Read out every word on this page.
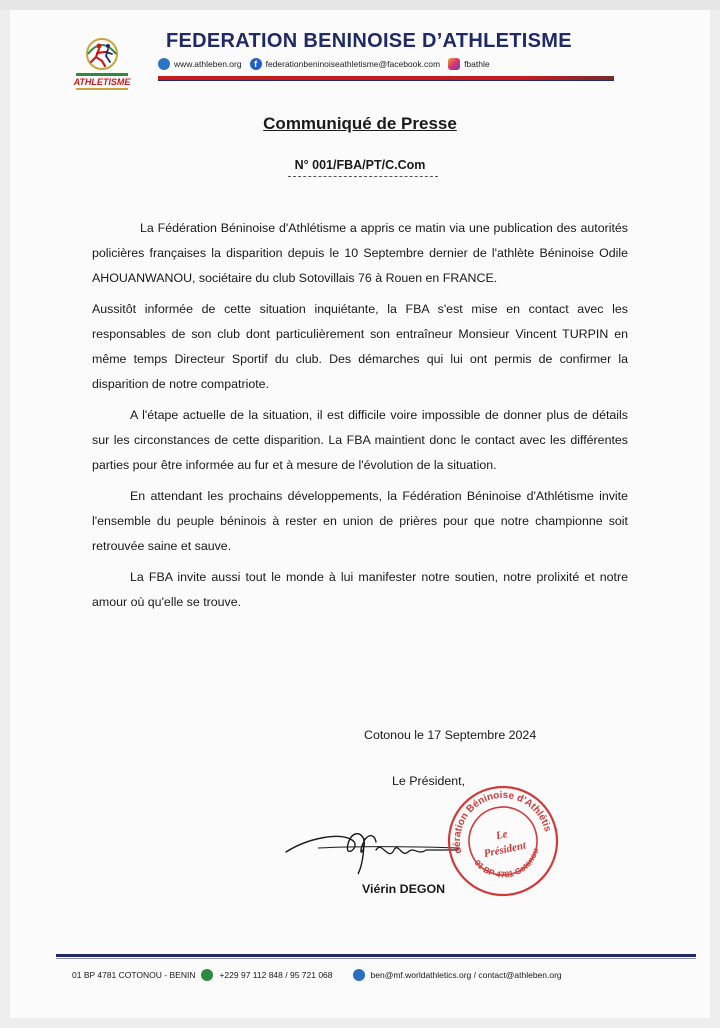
ATHLETISME
FEDERATION BENINOISE D’ATHLETISME
www.athleben.org	f	federationbeninoiseathletisme@facebook.com	fbathle
Communiqué de Presse
N° 001/FBA/PT/C.Com

La Fédération Béninoise d'Athlétisme a appris ce matin via une publication des autorités policières françaises la disparition depuis le 10 Septembre dernier de l'athlète Béninoise Odile AHOUANWANOU, sociétaire du club Sotovillais 76 à Rouen en FRANCE.

Aussitôt informée de cette situation inquiétante, la FBA s'est mise en contact avec les responsables de son club dont particulièrement son entraîneur Monsieur Vincent TURPIN en même temps Directeur Sportif du club. Des démarches qui lui ont permis de confirmer la disparition de notre compatriote.

A l'étape actuelle de la situation, il est difficile voire impossible de donner plus de détails sur les circonstances de cette disparition. La FBA maintient donc le contact avec les différentes parties pour être informée au fur et à mesure de l'évolution de la situation.

En attendant les prochains développements, la Fédération Béninoise d'Athlétisme invite l'ensemble du peuple béninois à rester en union de prières pour que notre championne soit retrouvée saine et sauve.

La FBA invite aussi tout le monde à lui manifester notre soutien, notre prolixité et notre amour où qu'elle se trouve.

Cotonou le 17 Septembre 2024
Le Président,
Viérin DEGON
Fédération Béninoise d'Athlétisme
01 BP 4781 Cotonou
Le
Président
01 BP 4781 COTONOU - BENIN	+229 97 112 848 / 95 721 068	ben@mf.worldathletics.org / contact@athleben.org
